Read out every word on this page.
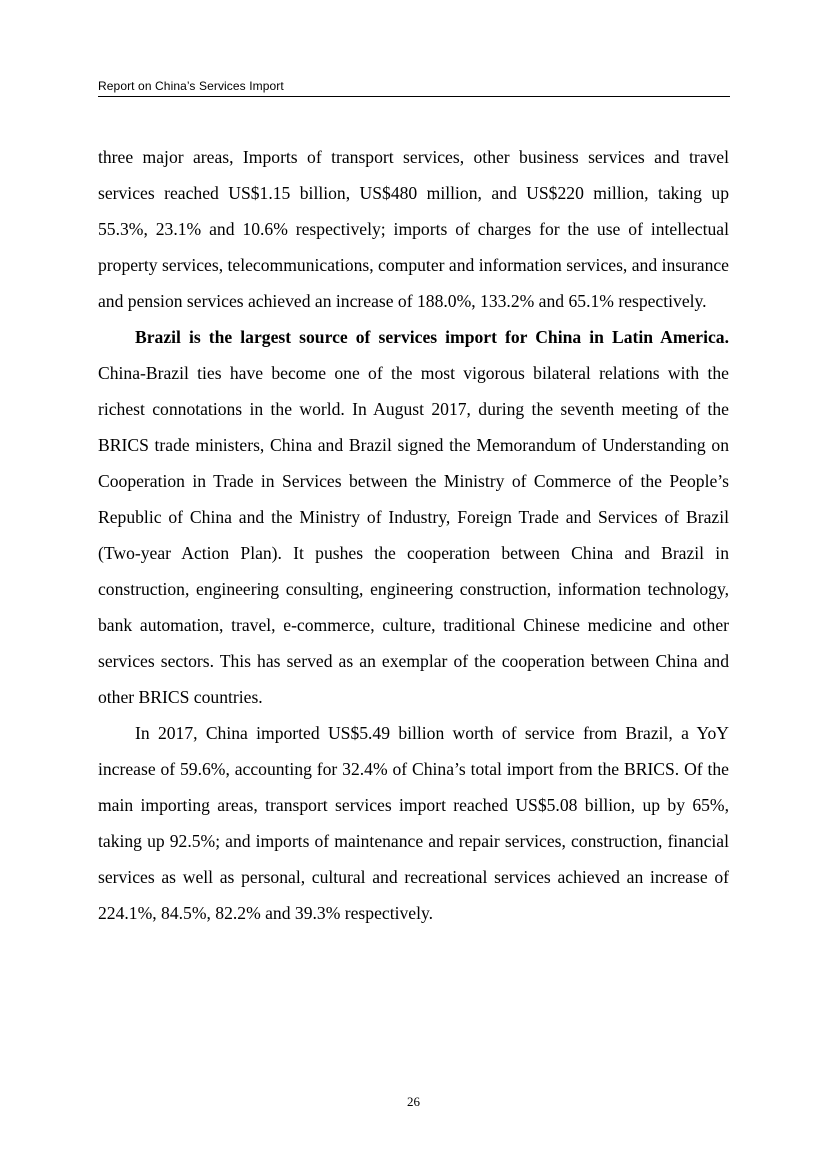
Report on China’s Services Import

three major areas, Imports of transport services, other business services and travel services reached US$1.15 billion, US$480 million, and US$220 million, taking up 55.3%, 23.1% and 10.6% respectively; imports of charges for the use of intellectual property services, telecommunications, computer and information services, and insurance and pension services achieved an increase of 188.0%, 133.2% and 65.1% respectively.

Brazil is the largest source of services import for China in Latin America. China-Brazil ties have become one of the most vigorous bilateral relations with the richest connotations in the world. In August 2017, during the seventh meeting of the BRICS trade ministers, China and Brazil signed the Memorandum of Understanding on Cooperation in Trade in Services between the Ministry of Commerce of the People’s Republic of China and the Ministry of Industry, Foreign Trade and Services of Brazil (Two-year Action Plan). It pushes the cooperation between China and Brazil in construction, engineering consulting, engineering construction, information technology, bank automation, travel, e-commerce, culture, traditional Chinese medicine and other services sectors. This has served as an exemplar of the cooperation between China and other BRICS countries.

In 2017, China imported US$5.49 billion worth of service from Brazil, a YoY increase of 59.6%, accounting for 32.4% of China’s total import from the BRICS. Of the main importing areas, transport services import reached US$5.08 billion, up by 65%, taking up 92.5%; and imports of maintenance and repair services, construction, financial services as well as personal, cultural and recreational services achieved an increase of 224.1%, 84.5%, 82.2% and 39.3% respectively.

26
